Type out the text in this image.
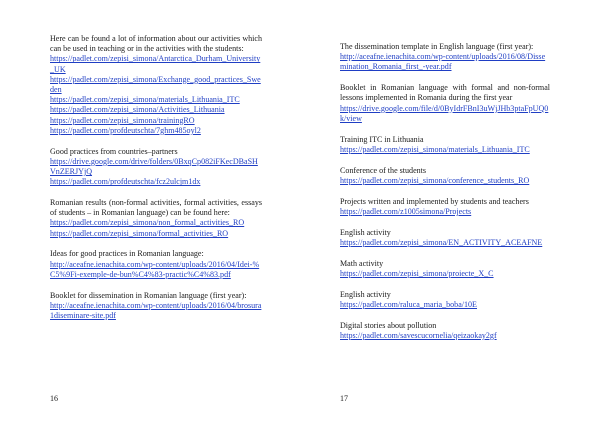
Here can be found a lot of information about our activities which can be used in teaching or in the activities with the students:

https://padlet.com/zepisi_simona/Antarctica_Durham_University_UK
https://padlet.com/zepisi_simona/Exchange_good_practices_Sweden
https://padlet.com/zepisi_simona/materials_Lithuania_ITC
https://padlet.com/zepisi_simona/Activities_Lithuania
https://padlet.com/zepisi_simona/trainingRO
https://padlet.com/profdeutschta/7ghm485oyl2

Good practices from countries–partners

https://drive.google.com/drive/folders/0BxqCp082iFKecDBaSHVnZERJYjQ
https://padlet.com/profdeutschta/fcz2ulcjm1dx

Romanian results (non-formal activities, formal activities, essays of students – in Romanian language) can be found here:

https://padlet.com/zepisi_simona/non_formal_activities_RO
https://padlet.com/zepisi_simona/formal_activities_RO

Ideas for good practices in Romanian language:

http://aceafne.ienachita.com/wp-content/uploads/2016/04/Idei-%C5%9Fi-exemple-de-bun%C4%83-practic%C4%83.pdf

Booklet for dissemination in Romanian language (first year):

http://aceafne.ienachita.com/wp-content/uploads/2016/04/brosura1diseminare-site.pdf
16

The dissemination template in English language (first year):

http://aceafne.ienachita.com/wp-content/uploads/2016/08/Dissemination_Romania_first_-year.pdf

Booklet in Romanian language with formal and non-formal lessons implemented in Romania during the first year

https://drive.google.com/file/d/0ByIdrFBnI3uWjJHb3ptaFpUQ0k/view

Training ITC in Lithuania

https://padlet.com/zepisi_simona/materials_Lithuania_ITC

Conference of the students

https://padlet.com/zepisi_simona/conference_students_RO

Projects written and implemented by students and teachers

https://padlet.com/z1005simona/Projects

English activity

https://padlet.com/zepisi_simona/EN_ACTIVITY_ACEAFNE

Math activity

https://padlet.com/zepisi_simona/proiecte_X_C

English activity

https://padlet.com/raluca_maria_boba/10E

Digital stories about pollution

https://padlet.com/savescucornelia/qeizaokay2gf
17
